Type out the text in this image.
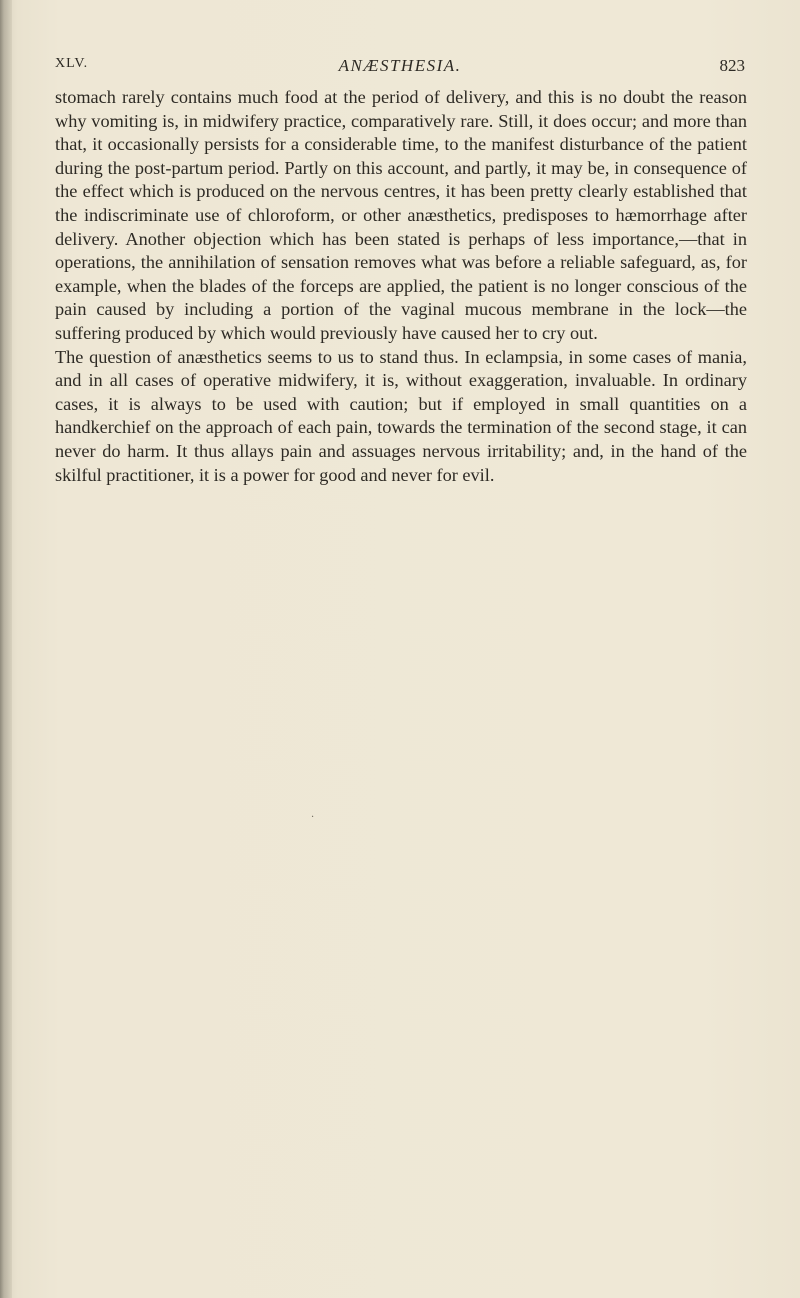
XLV.	ANÆSTHESIA.	823

stomach rarely contains much food at the period of delivery, and this is no doubt the reason why vomiting is, in midwifery practice, comparatively rare. Still, it does occur; and more than that, it occasionally persists for a considerable time, to the manifest disturbance of the patient during the post-partum period. Partly on this account, and partly, it may be, in consequence of the effect which is produced on the nervous centres, it has been pretty clearly established that the indiscriminate use of chloroform, or other anæsthetics, predisposes to hæmorrhage after delivery. Another objection which has been stated is perhaps of less importance,—that in operations, the annihilation of sensation removes what was before a reliable safeguard, as, for example, when the blades of the forceps are applied, the patient is no longer conscious of the pain caused by including a portion of the vaginal mucous membrane in the lock—the suffering produced by which would previously have caused her to cry out.

The question of anæsthetics seems to us to stand thus. In eclampsia, in some cases of mania, and in all cases of operative midwifery, it is, without exaggeration, invaluable. In ordinary cases, it is always to be used with caution; but if employed in small quantities on a handkerchief on the approach of each pain, towards the termination of the second stage, it can never do harm. It thus allays pain and assuages nervous irritability; and, in the hand of the skilful practitioner, it is a power for good and never for evil.

·
